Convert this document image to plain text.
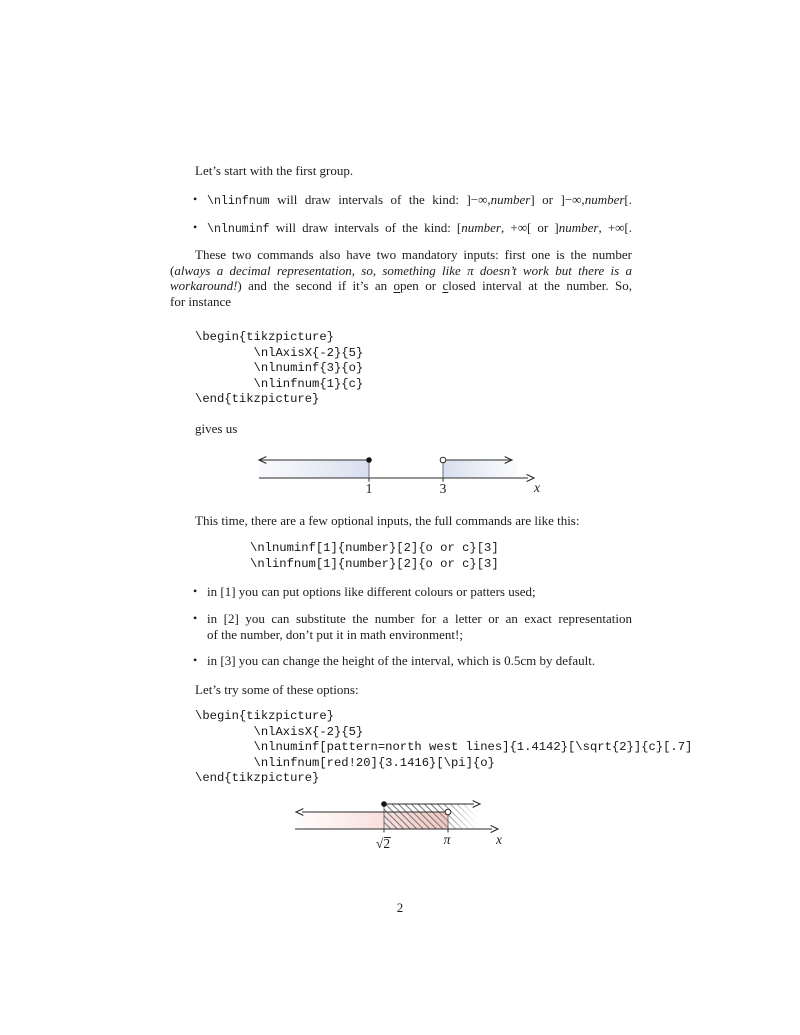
Let’s start with the first group.
• \nlinfnum will draw intervals of the kind: ]−∞,number] or ]−∞,number[.
• \nlnuminf will draw intervals of the kind: [number, +∞[ or ]number, +∞[.
These two commands also have two mandatory inputs: first one is the number
(always a decimal representation, so, something like π doesn’t work but there is a
workaround!) and the second if it’s an open or closed interval at the number. So,
for instance
\begin{tikzpicture}
\nlAxisX{-2}{5}
\nlnuminf{3}{o}
\nlinfnum{1}{c}
\end{tikzpicture}
gives us
1	3	x
This time, there are a few optional inputs, the full commands are like this:
\nlnuminf[1]{number}[2]{o or c}[3]
\nlinfnum[1]{number}[2]{o or c}[3]
• in [1] you can put options like different colours or patters used;
• in [2] you can substitute the number for a letter or an exact representation
of the number, don’t put it in math environment!;
• in [3] you can change the height of the interval, which is 0.5cm by default.
Let’s try some of these options:
\begin{tikzpicture}
\nlAxisX{-2}{5}
\nlnuminf[pattern=north west lines]{1.4142}[\sqrt{2}]{c}[.7]
\nlinfnum[red!20]{3.1416}[\pi]{o}
\end{tikzpicture}
√2	π	x
2
